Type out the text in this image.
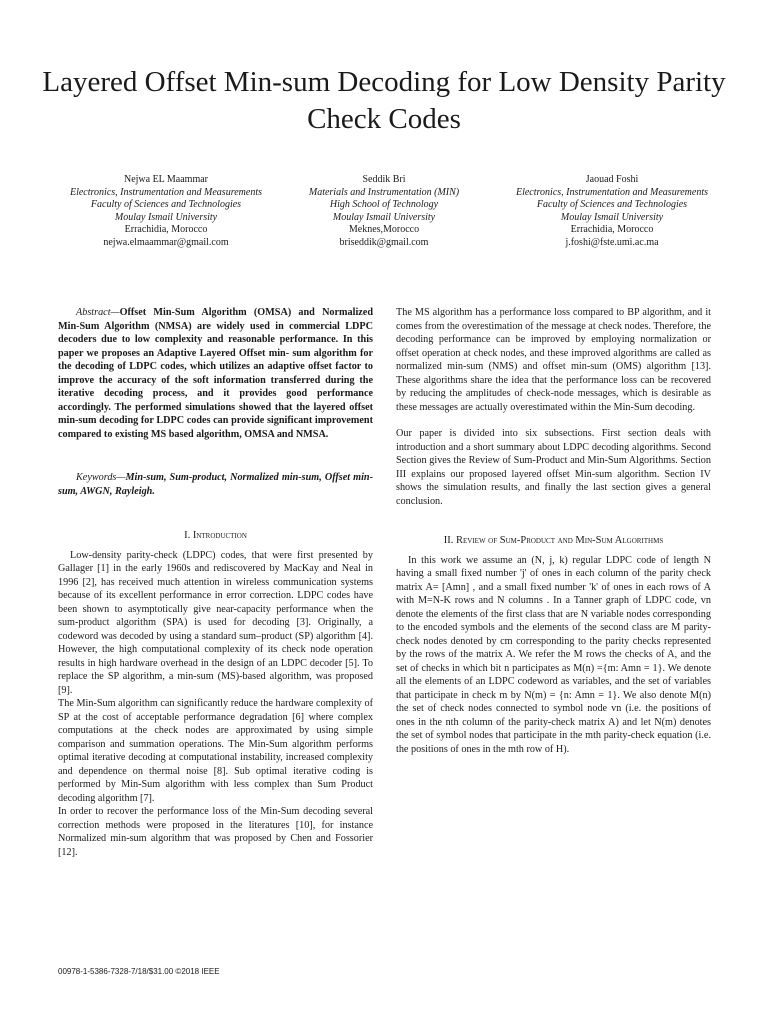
Layered Offset Min-sum Decoding for Low Density Parity Check Codes
Nejwa EL Maammar
Electronics, Instrumentation and Measurements
Faculty of Sciences and Technologies
Moulay Ismail University
Errachidia, Morocco
nejwa.elmaammar@gmail.com
Seddik Bri
Materials and Instrumentation (MIN)
High School of Technology
Moulay Ismail University
Meknes,Morocco
briseddik@gmail.com
Jaouad Foshi
Electronics, Instrumentation and Measurements
Faculty of Sciences and Technologies
Moulay Ismail University
Errachidia, Morocco
j.foshi@fste.umi.ac.ma

Abstract—Offset Min-Sum Algorithm (OMSA) and Normalized Min-Sum Algorithm (NMSA) are widely used in commercial LDPC decoders due to low complexity and reasonable performance. In this paper we proposes an Adaptive Layered Offset min- sum algorithm for the decoding of LDPC codes, which utilizes an adaptive offset factor to improve the accuracy of the soft information transferred during the iterative decoding process, and it provides good performance accordingly. The performed simulations showed that the layered offset min-sum decoding for LDPC codes can provide significant improvement compared to existing MS based algorithm, OMSA and NMSA.

Keywords—Min-sum, Sum-product, Normalized min-sum, Offset min-sum, AWGN, Rayleigh.

I. Introduction

Low-density parity-check (LDPC) codes, that were first presented by Gallager [1] in the early 1960s and rediscovered by MacKay and Neal in 1996 [2], has received much attention in wireless communication systems because of its excellent performance in error correction. LDPC codes have been shown to asymptotically give near-capacity performance when the sum-product algorithm (SPA) is used for decoding [3]. Originally, a codeword was decoded by using a standard sum–product (SP) algorithm [4]. However, the high computational complexity of its check node operation results in high hardware overhead in the design of an LDPC decoder [5]. To replace the SP algorithm, a min-sum (MS)-based algorithm, was proposed [9].

The Min-Sum algorithm can significantly reduce the hardware complexity of SP at the cost of acceptable performance degradation [6] where complex computations at the check nodes are approximated by using simple comparison and summation operations. The Min-Sum algorithm performs optimal iterative decoding at computational instability, increased complexity and dependence on thermal noise [8]. Sub optimal iterative coding is performed by Min-Sum algorithm with less complex than Sum Product decoding algorithm [7].

In order to recover the performance loss of the Min-Sum decoding several correction methods were proposed in the literatures [10], for instance Normalized min-sum algorithm that was proposed by Chen and Fossorier [12].

The MS algorithm has a performance loss compared to BP algorithm, and it comes from the overestimation of the message at check nodes. Therefore, the decoding performance can be improved by employing normalization or offset operation at check nodes, and these improved algorithms are called as normalized min-sum (NMS) and offset min-sum (OMS) algorithm [13]. These algorithms share the idea that the performance loss can be recovered by reducing the amplitudes of check-node messages, which is desirable as these messages are actually overestimated within the Min-Sum decoding.

Our paper is divided into six subsections. First section deals with introduction and a short summary about LDPC decoding algorithms. Second Section gives the Review of Sum-Product and Min-Sum Algorithms. Section III explains our proposed layered offset Min-sum algorithm. Section IV shows the simulation results, and finally the last section gives a general conclusion.

II. Review of Sum-Product and Min-Sum Algorithms

In this work we assume an (N, j, k) regular LDPC code of length N having a small fixed number 'j' of ones in each column of the parity check matrix A= [Amn] , and a small fixed number 'k' of ones in each rows of A with M=N-K rows and N columns . In a Tanner graph of LDPC code, vn denote the elements of the first class that are N variable nodes corresponding to the encoded symbols and the elements of the second class are M parity-check nodes denoted by cm corresponding to the parity checks represented by the rows of the matrix A. We refer the M rows the checks of A, and the set of checks in which bit n participates as M(n) ={m: Amn = 1}. We denote all the elements of an LDPC codeword as variables, and the set of variables that participate in check m by N(m) = {n: Amn = 1}. We also denote M(n) the set of check nodes connected to symbol node vn (i.e. the positions of ones in the nth column of the parity-check matrix A) and let N(m) denotes the set of symbol nodes that participate in the mth parity-check equation (i.e. the positions of ones in the mth row of H).

00978-1-5386-7328-7/18/$31.00 ©2018 IEEE
